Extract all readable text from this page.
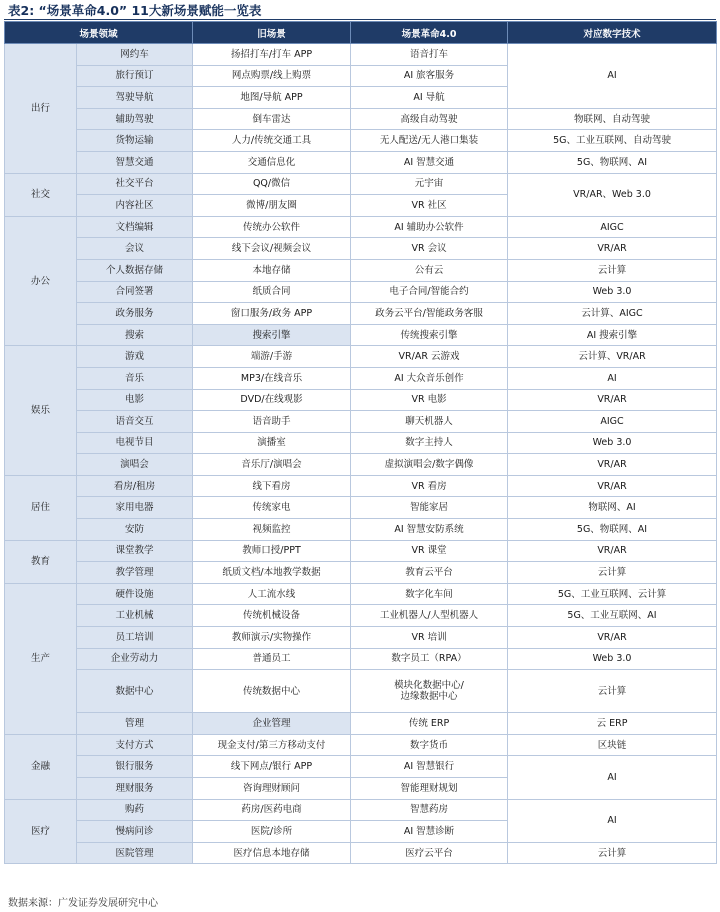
表2: “场景革命4.0” 11大新场景赋能一览表
场景领域		旧场景	场景革命4.0	对应数字技术	
出行	网约车	扬招打车/打车 APP	语音打车	AI	
	旅行预订	网点购票/线上购票	AI 旅客服务		
	驾驶导航	地图/导航 APP	AI 导航		
	辅助驾驶	倒车雷达	高级自动驾驶	物联网、自动驾驶	
	货物运输	人力/传统交通工具	无人配送/无人港口集装	5G、工业互联网、自动驾驶	
	智慧交通	交通信息化	AI 智慧交通	5G、物联网、AI	
社交	社交平台	QQ/微信	元宇宙	VR/AR、Web 3.0	
	内容社区	微博/朋友圈	VR 社区		
办公	文档编辑	传统办公软件	AI 辅助办公软件	AIGC	
	会议	线下会议/视频会议	VR 会议	VR/AR	
	个人数据存储	本地存储	公有云	云计算	
	合同签署	纸质合同	电子合同/智能合约	Web 3.0	
	政务服务	窗口服务/政务 APP	政务云平台/智能政务客服	云计算、AIGC	
	搜索	搜索引擎	传统搜索引擎	AI 搜索引擎	
娱乐	游戏	端游/手游	VR/AR 云游戏	云计算、VR/AR	
	音乐	MP3/在线音乐	AI 大众音乐创作	AI	
	电影	DVD/在线观影	VR 电影	VR/AR	
	语音交互	语音助手	聊天机器人	AIGC	
	电视节目	演播室	数字主持人	Web 3.0	
	演唱会	音乐厅/演唱会	虚拟演唱会/数字偶像	VR/AR	
居住	看房/租房	线下看房	VR 看房	VR/AR	
	家用电器	传统家电	智能家居	物联网、AI	
	安防	视频监控	AI 智慧安防系统	5G、物联网、AI	
教育	课堂教学	教师口授/PPT	VR 课堂	VR/AR	
	教学管理	纸质文档/本地教学数据	教育云平台	云计算	
生产	硬件设施	人工流水线	数字化车间	5G、工业互联网、云计算	
	工业机械	传统机械设备	工业机器人/人型机器人	5G、工业互联网、AI	
	员工培训	教师演示/实物操作	VR 培训	VR/AR	
	企业劳动力	普通员工	数字员工（RPA）	Web 3.0	
	数据中心	传统数据中心	模块化数据中心/
边缘数据中心	云计算	
	管理	企业管理	传统 ERP	云 ERP	
金融	支付方式	现金支付/第三方移动支付	数字货币	区块链	
	银行服务	线下网点/银行 APP	AI 智慧银行	AI	
	理财服务	咨询理财顾问	智能理财规划		
医疗	购药	药房/医药电商	智慧药房	AI	
	慢病问诊	医院/诊所	AI 智慧诊断		
	医院管理	医疗信息本地存储	医疗云平台	云计算	
数据来源：广发证券发展研究中心
